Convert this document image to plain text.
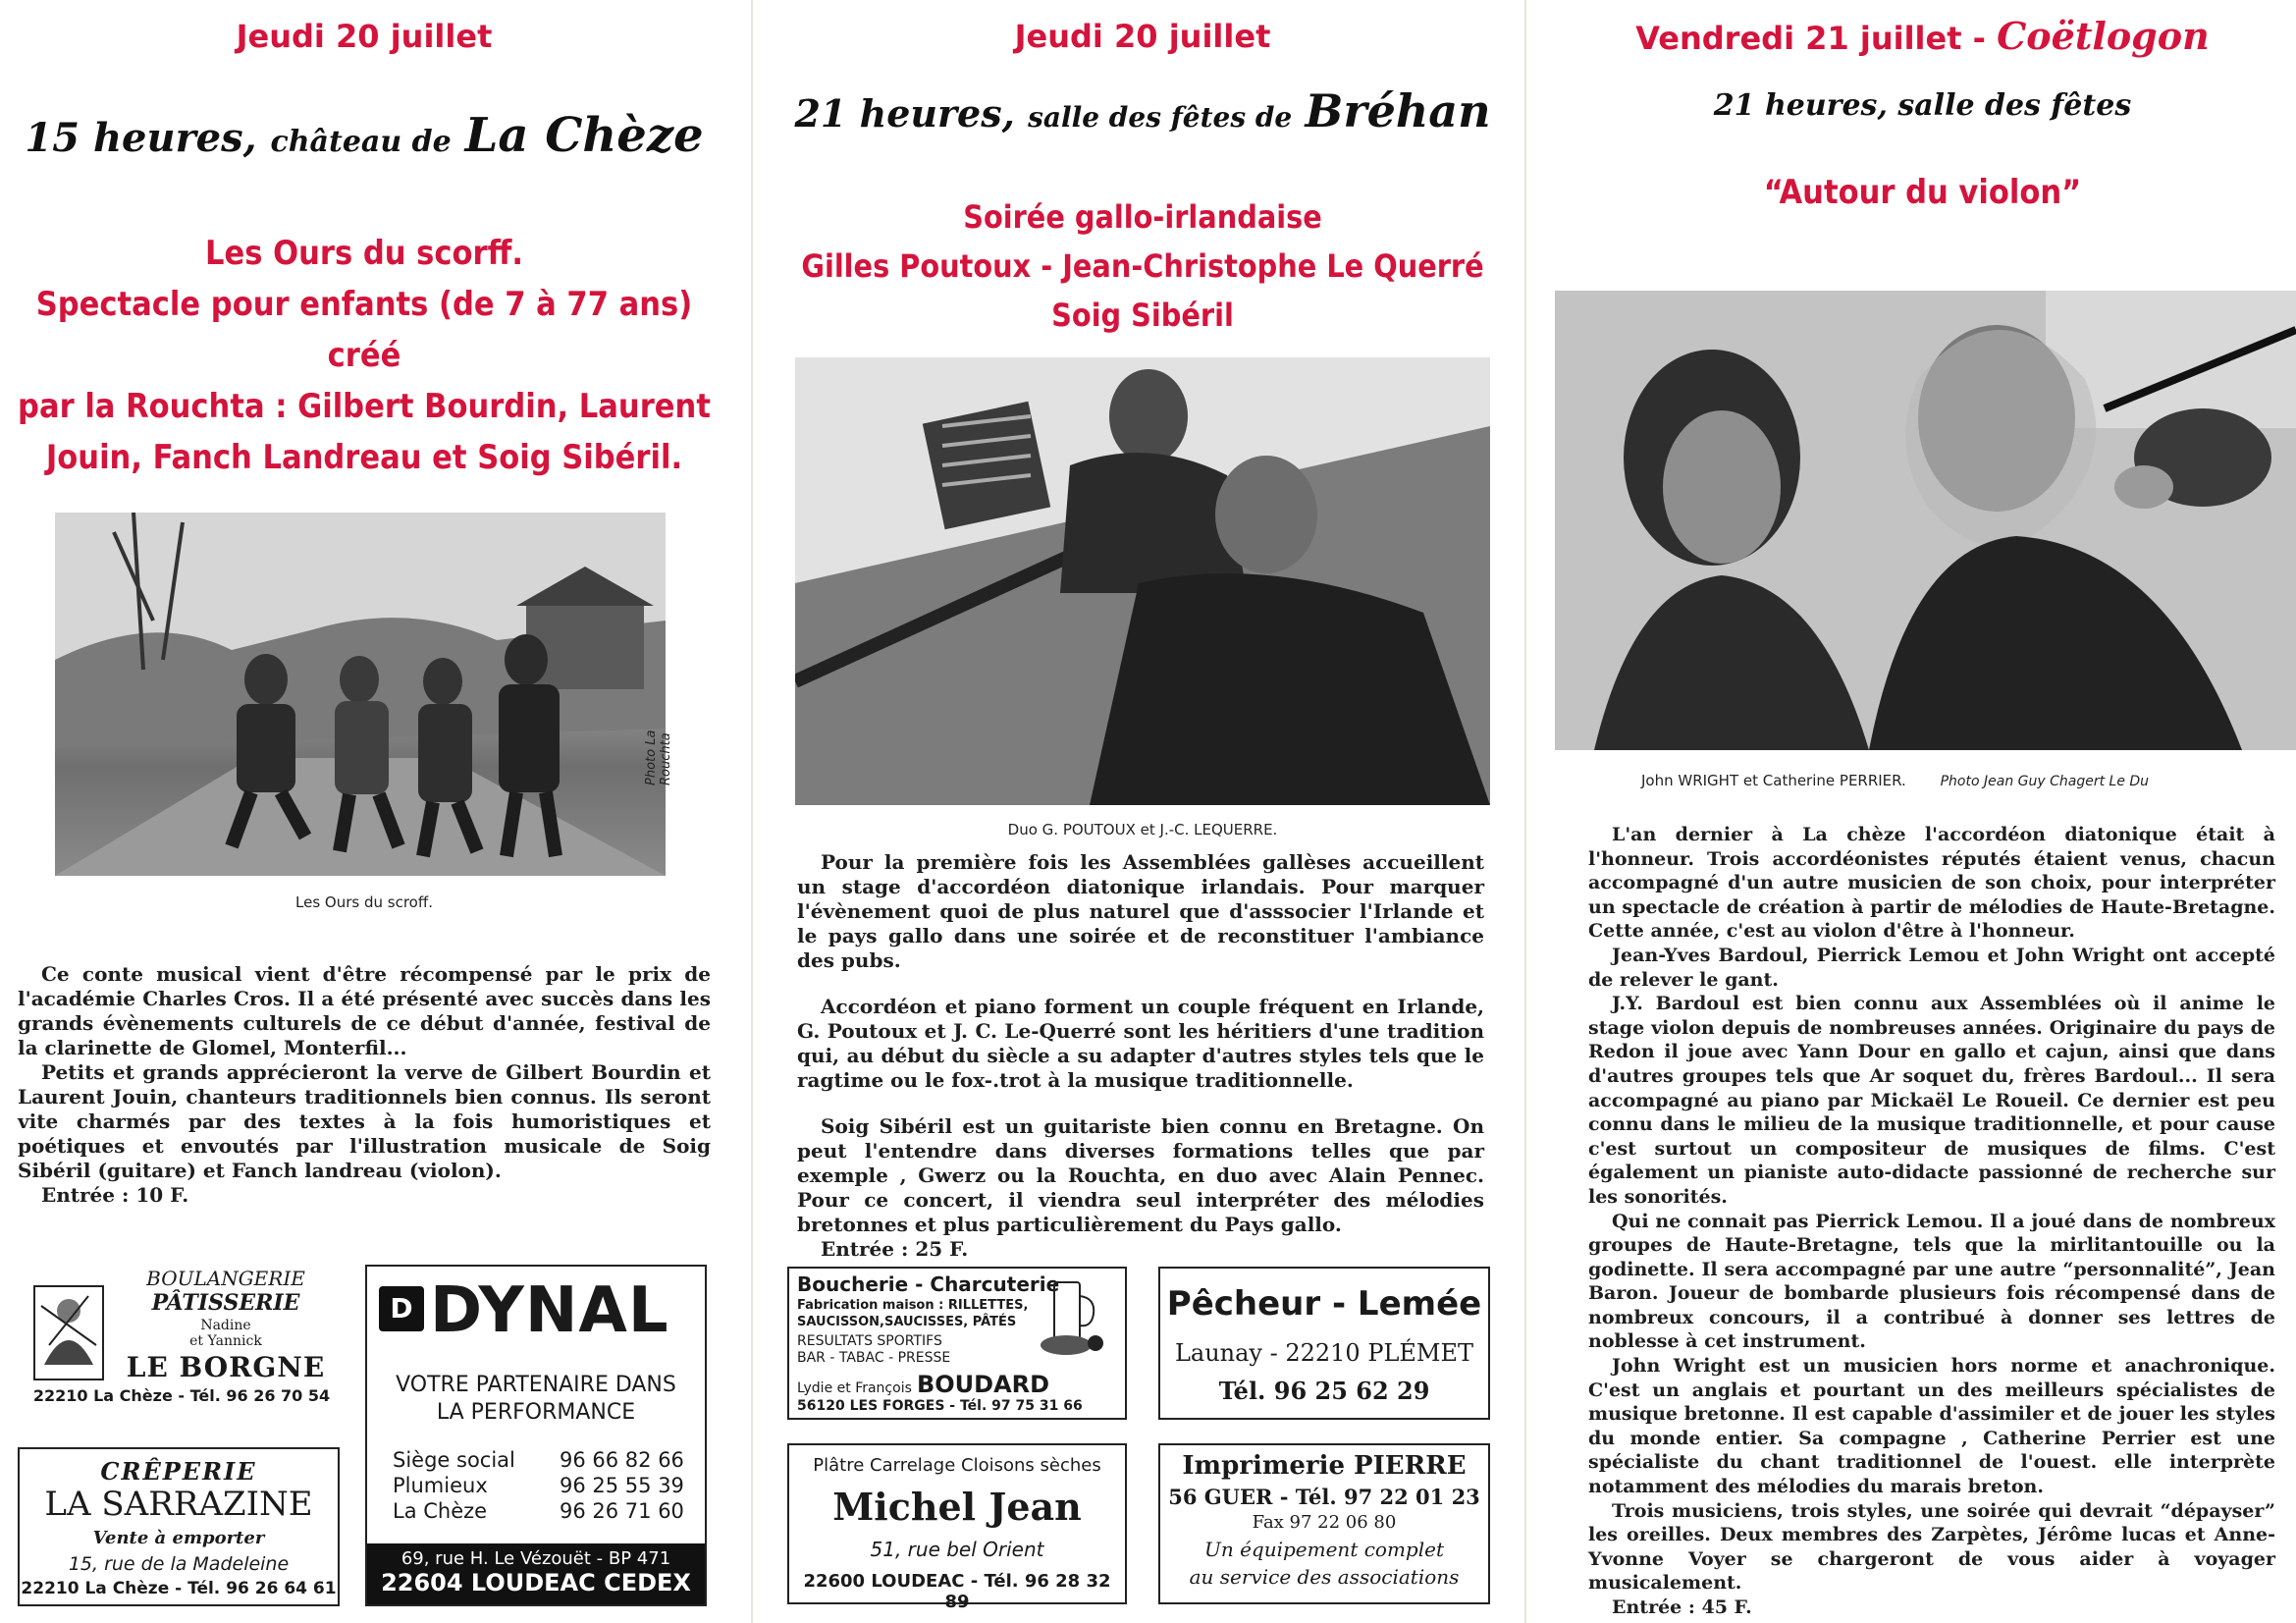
Jeudi 20 juillet
15 heures, château de La Chèze
Les Ours du scorff.
Spectacle pour enfants (de 7 à 77 ans) créé
par la Rouchta : Gilbert Bourdin, Laurent
Jouin, Fanch Landreau et Soig Sibéril.
Photo La Rouchta
Les Ours du scroff.

Ce conte musical vient d'être récompensé par le prix de l'académie Charles Cros. Il a été présenté avec succès dans les grands évènements culturels de ce début d'année, festival de la clarinette de Glomel, Monterfil...

Petits et grands apprécieront la verve de Gilbert Bourdin et Laurent Jouin, chanteurs traditionnels bien connus. Ils seront vite charmés par des textes à la fois humoristiques et poétiques et envoutés par l'illustration musicale de Soig Sibéril (guitare) et Fanch landreau (violon).

Entrée : 10 F.

BOULANGERIE
PÂTISSERIE
Nadine
et Yannick
LE BORGNE
22210 La Chèze - Tél. 96 26 70 54
CRÊPERIE
LA SARRAZINE
Vente à emporter
15, rue de la Madeleine
22210 La Chèze - Tél. 96 26 64 61
D DYNAL
VOTRE PARTENAIRE DANS
LA PERFORMANCE
Siège social 96 66 82 66
Plumieux	96 25 55 39
La Chèze	96 26 71 60
69, rue H. Le Vézouët - BP 471
22604 LOUDEAC CEDEX
Jeudi 20 juillet
21 heures, salle des fêtes de Bréhan
Soirée gallo-irlandaise
Gilles Poutoux - Jean-Christophe Le Querré
Soig Sibéril
Duo G. POUTOUX et J.-C. LEQUERRE.

Pour la première fois les Assemblées gallèses accueillent un stage d'accordéon diatonique irlandais. Pour marquer l'évènement quoi de plus naturel que d'asssocier l'Irlande et le pays gallo dans une soirée et de reconstituer l'ambiance des pubs.

Accordéon et piano forment un couple fréquent en Irlande, G. Poutoux et J. C. Le-Querré sont les héritiers d'une tradition qui, au début du siècle a su adapter d'autres styles tels que le ragtime ou le fox-.trot à la musique traditionnelle.

Soig Sibéril est un guitariste bien connu en Bretagne. On peut l'entendre dans diverses formations telles que par exemple , Gwerz ou la Rouchta, en duo avec Alain Pennec. Pour ce concert, il viendra seul interpréter des mélodies bretonnes et plus particulièrement du Pays gallo.

Entrée : 25 F.

Boucherie - Charcuterie
Fabrication maison : RILLETTES,
SAUCISSON,SAUCISSES, PÂTÉS
RESULTATS SPORTIFS
BAR - TABAC - PRESSE
Lydie et François BOUDARD
56120 LES FORGES - Tél. 97 75 31 66
Plâtre Carrelage Cloisons sèches
Michel Jean
51, rue bel Orient
22600 LOUDEAC - Tél. 96 28 32 89
Pêcheur - Lemée
Launay - 22210 PLÉMET
Tél. 96 25 62 29
Imprimerie PIERRE
56 GUER - Tél. 97 22 01 23
Fax 97 22 06 80
Un équipement complet
au service des associations
Vendredi 21 juillet - Coëtlogon
21 heures, salle des fêtes
“Autour du violon”
John WRIGHT et Catherine PERRIER. Photo Jean Guy Chagert Le Du

L'an dernier à La chèze l'accordéon diatonique était à l'honneur. Trois accordéonistes réputés étaient venus, chacun accompagné d'un autre musicien de son choix, pour interpréter un spectacle de création à partir de mélodies de Haute-Bretagne. Cette année, c'est au violon d'être à l'honneur.

Jean-Yves Bardoul, Pierrick Lemou et John Wright ont accepté de relever le gant.

J.Y. Bardoul est bien connu aux Assemblées où il anime le stage violon depuis de nombreuses années. Originaire du pays de Redon il joue avec Yann Dour en gallo et cajun, ainsi que dans d'autres groupes tels que Ar soquet du, frères Bardoul... Il sera accompagné au piano par Mickaël Le Roueil. Ce dernier est peu connu dans le milieu de la musique traditionnelle, et pour cause c'est surtout un compositeur de musiques de films. C'est également un pianiste auto-didacte passionné de recherche sur les sonorités.

Qui ne connait pas Pierrick Lemou. Il a joué dans de nombreux groupes de Haute-Bretagne, tels que la mirlitantouille ou la godinette. Il sera accompagné par une autre “personnalité”, Jean Baron. Joueur de bombarde plusieurs fois récompensé dans de nombreux concours, il a contribué à donner ses lettres de noblesse à cet instrument.

John Wright est un musicien hors norme et anachronique. C'est un anglais et pourtant un des meilleurs spécialistes de musique bretonne. Il est capable d'assimiler et de jouer les styles du monde entier. Sa compagne , Catherine Perrier est une spécialiste du chant traditionnel de l'ouest. elle interprète notamment des mélodies du marais breton.

Trois musiciens, trois styles, une soirée qui devrait “dépayser” les oreilles. Deux membres des Zarpètes, Jérôme lucas et Anne-Yvonne Voyer se chargeront de vous aider à voyager musicalement.

Entrée : 45 F.
